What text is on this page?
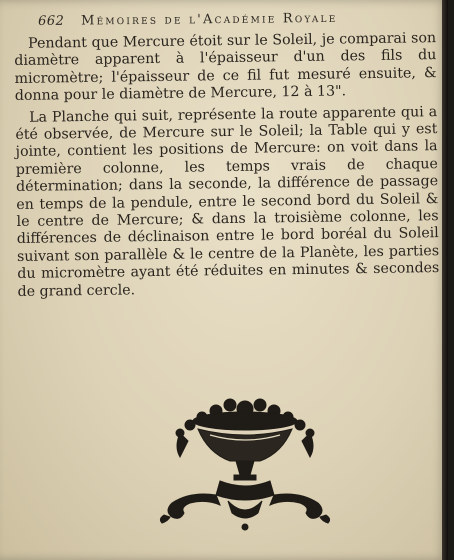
662 Mémoires de l'Académie Royale

Pendant que Mercure étoit sur le Soleil, je comparai son diamètre apparent à l'épaisseur d'un des fils du micromètre; l'épaisseur de ce fil fut mesuré ensuite, & donna pour le diamètre de Mercure, 12 à 13".

La Planche qui suit, représente la route apparente qui a été observée, de Mercure sur le Soleil; la Table qui y est jointe, contient les positions de Mercure: on voit dans la première colonne, les temps vrais de chaque détermination; dans la seconde, la différence de passage en temps de la pendule, entre le second bord du Soleil & le centre de Mercure; & dans la troisième colonne, les différences de déclinaison entre le bord boréal du Soleil suivant son parallèle & le centre de la Planète, les parties du micromètre ayant été réduites en minutes & secondes de grand cercle.
